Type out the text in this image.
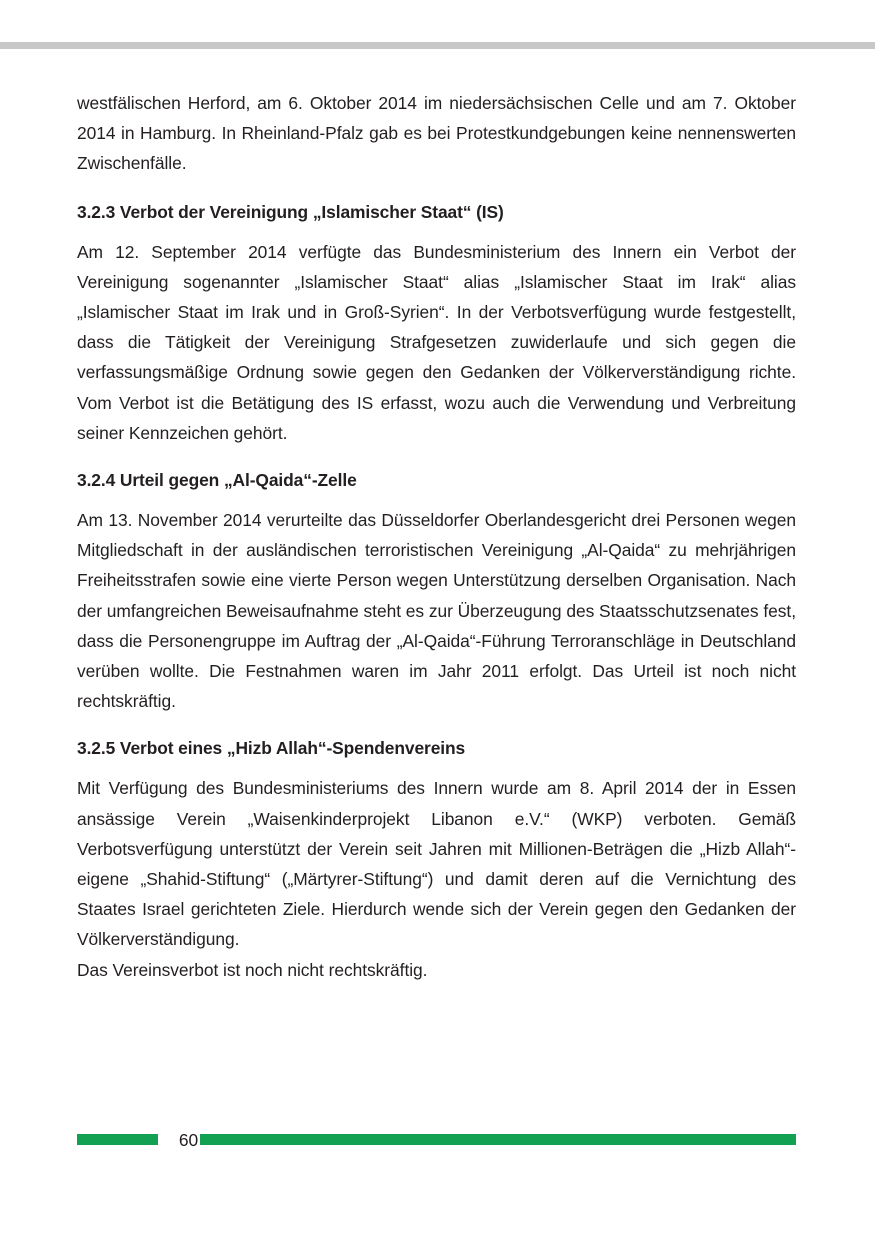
westfälischen Herford, am 6. Oktober 2014 im niedersächsischen Celle und am 7. Oktober 2014 in Hamburg. In Rheinland-Pfalz gab es bei Protestkundgebungen keine nennenswerten Zwischenfälle.

3.2.3 Verbot der Vereinigung „Islamischer Staat“ (IS)

Am 12. September 2014 verfügte das Bundesministerium des Innern ein Verbot der Vereinigung sogenannter „Islamischer Staat“ alias „Islamischer Staat im Irak“ alias „Islamischer Staat im Irak und in Groß-Syrien“. In der Verbotsverfügung wurde festgestellt, dass die Tätigkeit der Vereinigung Strafgesetzen zuwiderlaufe und sich gegen die verfassungsmäßige Ordnung sowie gegen den Gedanken der Völkerverständigung richte. Vom Verbot ist die Betätigung des IS erfasst, wozu auch die Verwendung und Verbreitung seiner Kennzeichen gehört.

3.2.4 Urteil gegen „Al-Qaida“-Zelle

Am 13. November 2014 verurteilte das Düsseldorfer Oberlandesgericht drei Personen wegen Mitgliedschaft in der ausländischen terroristischen Vereinigung „Al-Qaida“ zu mehrjährigen Freiheitsstrafen sowie eine vierte Person wegen Unterstützung derselben Organisation. Nach der umfangreichen Beweisaufnahme steht es zur Überzeugung des Staatsschutzsenates fest, dass die Personengruppe im Auftrag der „Al-Qaida“-Führung Terroranschläge in Deutschland verüben wollte. Die Festnahmen waren im Jahr 2011 erfolgt. Das Urteil ist noch nicht rechtskräftig.

3.2.5 Verbot eines „Hizb Allah“-Spendenvereins

Mit Verfügung des Bundesministeriums des Innern wurde am 8. April 2014 der in Essen ansässige Verein „Waisenkinderprojekt Libanon e.V.“ (WKP) verboten. Gemäß Verbotsverfügung unterstützt der Verein seit Jahren mit Millionen-Beträgen die „Hizb Allah“-eigene „Shahid-Stiftung“ („Märtyrer-Stiftung“) und damit deren auf die Vernichtung des Staates Israel gerichteten Ziele. Hierdurch wende sich der Verein gegen den Gedanken der Völkerverständigung.

Das Vereinsverbot ist noch nicht rechtskräftig.

60
